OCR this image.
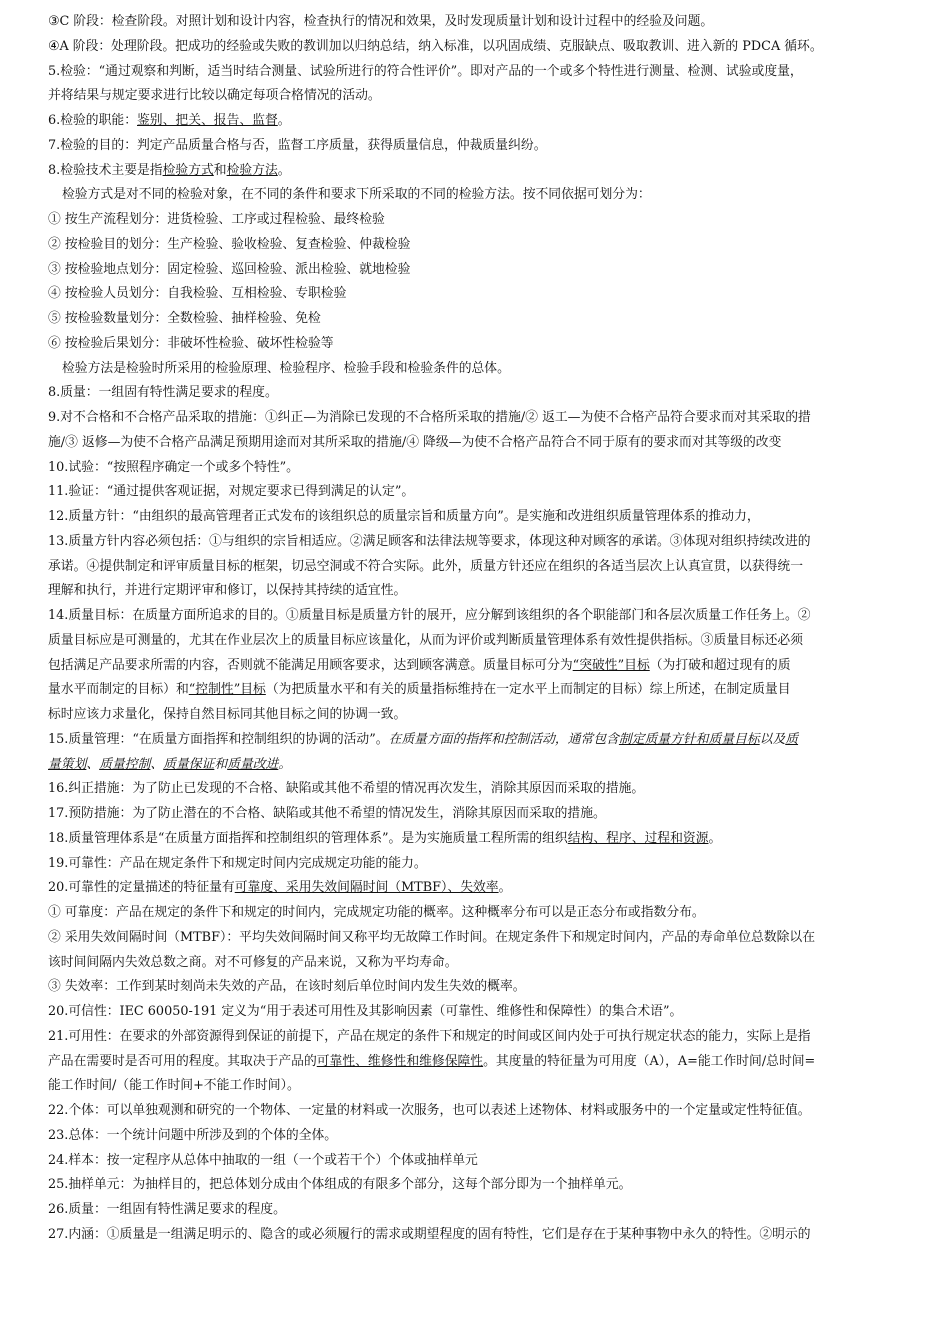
③C 阶段：检查阶段。对照计划和设计内容，检查执行的情况和效果，及时发现质量计划和设计过程中的经验及问题。
④A 阶段：处理阶段。把成功的经验或失败的教训加以归纳总结，纳入标准，以巩固成绩、克服缺点、吸取教训、进入新的 PDCA 循环。
5.检验：“通过观察和判断，适当时结合测量、试验所进行的符合性评价”。即对产品的一个或多个特性进行测量、检测、试验或度量，
并将结果与规定要求进行比较以确定每项合格情况的活动。
6.检验的职能：鉴别、把关、报告、监督。
7.检验的目的：判定产品质量合格与否，监督工序质量，获得质量信息，仲裁质量纠纷。
8.检验技术主要是指检验方式和检验方法。
检验方式是对不同的检验对象，在不同的条件和要求下所采取的不同的检验方法。按不同依据可划分为：
① 按生产流程划分：进货检验、工序或过程检验、最终检验
② 按检验目的划分：生产检验、验收检验、复查检验、仲裁检验
③ 按检验地点划分：固定检验、巡回检验、派出检验、就地检验
④ 按检验人员划分：自我检验、互相检验、专职检验
⑤ 按检验数量划分：全数检验、抽样检验、免检
⑥ 按检验后果划分：非破坏性检验、破坏性检验等
检验方法是检验时所采用的检验原理、检验程序、检验手段和检验条件的总体。
8.质量：一组固有特性满足要求的程度。
9.对不合格和不合格产品采取的措施：①纠正—为消除已发现的不合格所采取的措施/② 返工—为使不合格产品符合要求而对其采取的措
施/③ 返修—为使不合格产品满足预期用途而对其所采取的措施/④ 降级—为使不合格产品符合不同于原有的要求而对其等级的改变
10.试验：“按照程序确定一个或多个特性”。
11.验证：“通过提供客观证据，对规定要求已得到满足的认定”。
12.质量方针：“由组织的最高管理者正式发布的该组织总的质量宗旨和质量方向”。是实施和改进组织质量管理体系的推动力，
13.质量方针内容必须包括：①与组织的宗旨相适应。②满足顾客和法律法规等要求，体现这种对顾客的承诺。③体现对组织持续改进的
承诺。④提供制定和评审质量目标的框架，切忌空洞或不符合实际。此外，质量方针还应在组织的各适当层次上认真宣贯，以获得统一
理解和执行，并进行定期评审和修订，以保持其持续的适宜性。
14.质量目标：在质量方面所追求的目的。①质量目标是质量方针的展开，应分解到该组织的各个职能部门和各层次质量工作任务上。②
质量目标应是可测量的，尤其在作业层次上的质量目标应该量化，从而为评价或判断质量管理体系有效性提供指标。③质量目标还必须
包括满足产品要求所需的内容，否则就不能满足用顾客要求，达到顾客满意。质量目标可分为“突破性”目标（为打破和超过现有的质
量水平而制定的目标）和“控制性”目标（为把质量水平和有关的质量指标维持在一定水平上而制定的目标）综上所述，在制定质量目
标时应该力求量化，保持自然目标同其他目标之间的协调一致。
15.质量管理：“在质量方面指挥和控制组织的协调的活动”。在质量方面的指挥和控制活动，通常包含制定质量方针和质量目标以及质
量策划、质量控制、质量保证和质量改进。
16.纠正措施：为了防止已发现的不合格、缺陷或其他不希望的情况再次发生，消除其原因而采取的措施。
17.预防措施：为了防止潜在的不合格、缺陷或其他不希望的情况发生，消除其原因而采取的措施。
18.质量管理体系是“在质量方面指挥和控制组织的管理体系”。是为实施质量工程所需的组织结构、程序、过程和资源。
19.可靠性：产品在规定条件下和规定时间内完成规定功能的能力。
20.可靠性的定量描述的特征量有可靠度、采用失效间隔时间（MTBF）、失效率。
① 可靠度：产品在规定的条件下和规定的时间内，完成规定功能的概率。这种概率分布可以是正态分布或指数分布。
② 采用失效间隔时间（MTBF）：平均失效间隔时间又称平均无故障工作时间。在规定条件下和规定时间内，产品的寿命单位总数除以在
该时间间隔内失效总数之商。对不可修复的产品来说，又称为平均寿命。
③ 失效率：工作到某时刻尚未失效的产品，在该时刻后单位时间内发生失效的概率。
20.可信性：IEC 60050-191 定义为“用于表述可用性及其影响因素（可靠性、维修性和保障性）的集合术语”。
21.可用性：在要求的外部资源得到保证的前提下，产品在规定的条件下和规定的时间或区间内处于可执行规定状态的能力，实际上是指
产品在需要时是否可用的程度。其取决于产品的可靠性、维修性和维修保障性。其度量的特征量为可用度（A），A=能工作时间/总时间=
能工作时间/（能工作时间+不能工作时间）。
22.个体：可以单独观测和研究的一个物体、一定量的材料或一次服务，也可以表述上述物体、材料或服务中的一个定量或定性特征值。
23.总体：一个统计问题中所涉及到的个体的全体。
24.样本：按一定程序从总体中抽取的一组（一个或若干个）个体或抽样单元
25.抽样单元：为抽样目的，把总体划分成由个体组成的有限多个部分，这每个部分即为一个抽样单元。
26.质量：一组固有特性满足要求的程度。
27.内涵：①质量是一组满足明示的、隐含的或必须履行的需求或期望程度的固有特性，它们是存在于某种事物中永久的特性。②明示的
